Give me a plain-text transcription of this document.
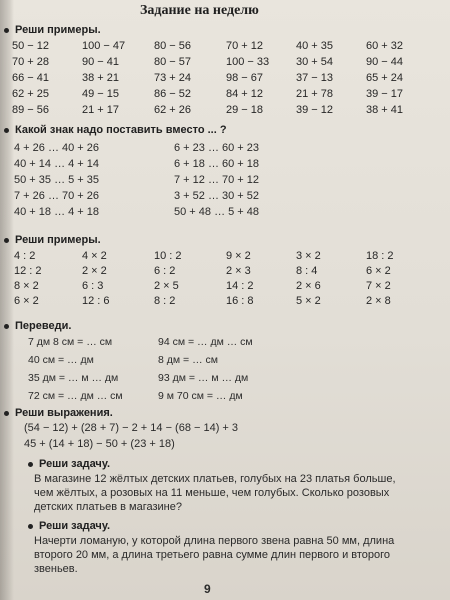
Задание на неделю
Реши примеры.
50 − 12	100 − 47	80 − 56	70 + 12	40 + 35	60 + 32
70 + 28	90 − 41	80 − 57	100 − 33	30 + 54	90 − 44
66 − 41	38 + 21	73 + 24	98 − 67	37 − 13	65 + 24
62 + 25	49 − 15	86 − 52	84 + 12	21 + 78	39 − 17
89 − 56	21 + 17	62 + 26	29 − 18	39 − 12	38 + 41
Какой знак надо поставить вместо ... ?
4 + 26 … 40 + 26	6 + 23 … 60 + 23
40 + 14 … 4 + 14	6 + 18 … 60 + 18
50 + 35 … 5 + 35	7 + 12 … 70 + 12
7 + 26 … 70 + 26	3 + 52 … 30 + 52
40 + 18 … 4 + 18	50 + 48 … 5 + 48
Реши примеры.
4 : 2	4 × 2	10 : 2	9 × 2	3 × 2	18 : 2
12 : 2	2 × 2	6 : 2	2 × 3	8 : 4	6 × 2
8 × 2	6 : 3	2 × 5	14 : 2	2 × 6	7 × 2
6 × 2	12 : 6	8 : 2	16 : 8	5 × 2	2 × 8
Переведи.
7 дм 8 см = … см	94 см = … дм … см
40 см = … дм	8 дм = … см
35 дм = … м … дм	93 дм = … м … дм
72 см = … дм … см	9 м 70 см = … дм
Реши выражения.
(54 − 12) + (28 + 7) − 2 + 14 − (68 − 14) + 3
45 + (14 + 18) − 50 + (23 + 18)
Реши задачу.
В магазине 12 жёлтых детских платьев, голубых на 23 платья больше, чем жёлтых, а розовых на 11 меньше, чем голубых. Сколько розовых детских платьев в магазине?
Реши задачу.
Начерти ломаную, у которой длина первого звена равна 50 мм, длина второго 20 мм, а длина третьего равна сумме длин первого и второго звеньев.
9
